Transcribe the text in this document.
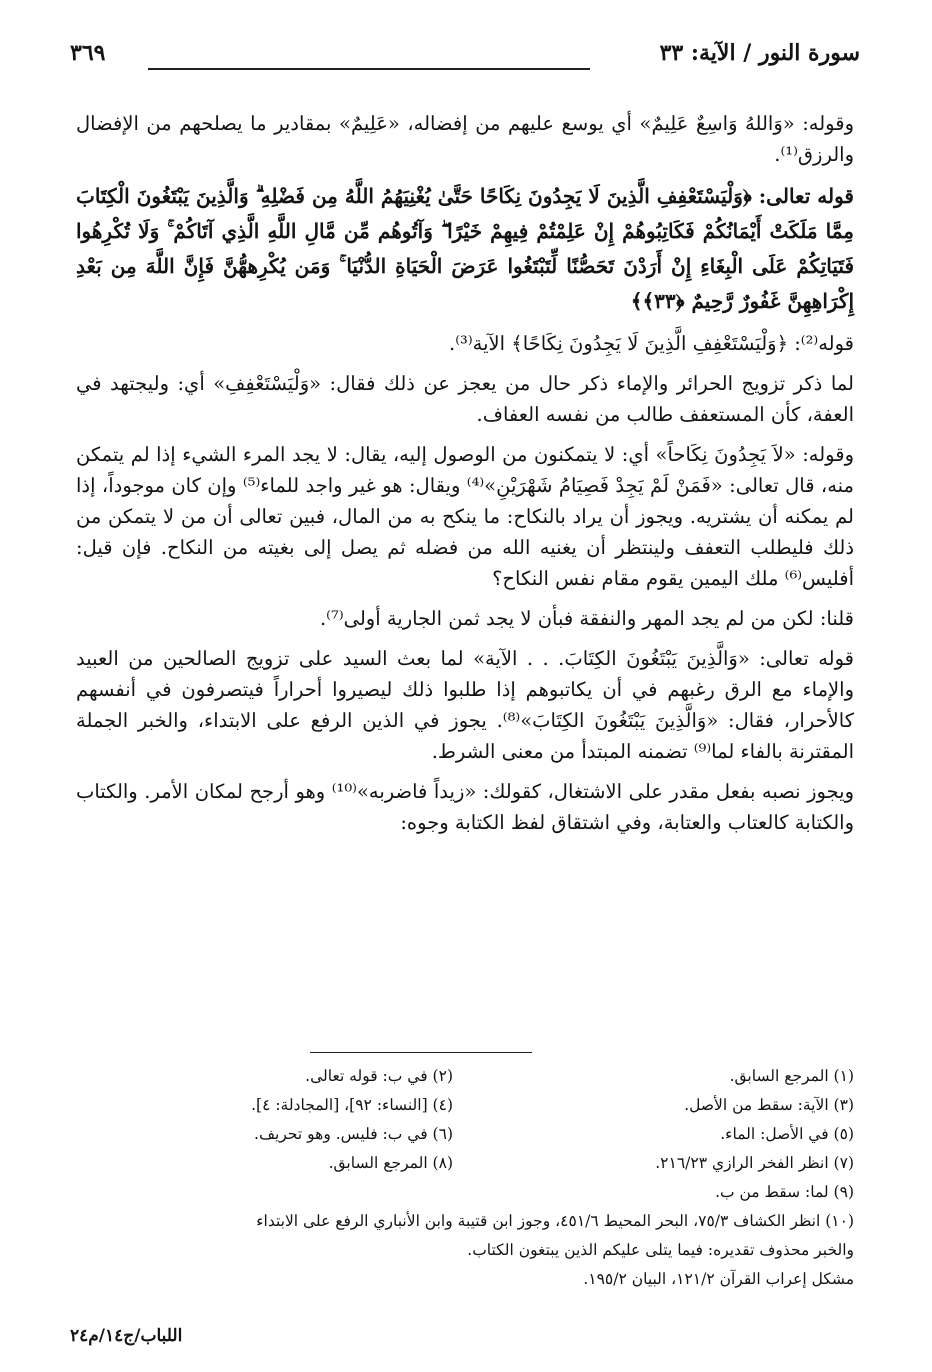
سورة النور / الآية: ٣٣
٣٦٩

وقوله: «وَاللهُ وَاسِعٌ عَلِيمٌ» أي يوسع عليهم من إفضاله، «عَلِيمٌ» بمقادير ما يصلحهم من الإفضال والرزق⁽¹⁾.

قوله تعالى: ﴿وَلْيَسْتَعْفِفِ الَّذِينَ لَا يَجِدُونَ نِكَاحًا حَتَّىٰ يُغْنِيَهُمُ اللَّهُ مِن فَضْلِهِ ۗ وَالَّذِينَ يَبْتَغُونَ الْكِتَابَ مِمَّا مَلَكَتْ أَيْمَانُكُمْ فَكَاتِبُوهُمْ إِنْ عَلِمْتُمْ فِيهِمْ خَيْرًا ۖ وَآتُوهُم مِّن مَّالِ اللَّهِ الَّذِي آتَاكُمْ ۚ وَلَا تُكْرِهُوا فَتَيَاتِكُمْ عَلَى الْبِغَاءِ إِنْ أَرَدْنَ تَحَصُّنًا لِّتَبْتَغُوا عَرَضَ الْحَيَاةِ الدُّنْيَا ۚ وَمَن يُكْرِههُّنَّ فَإِنَّ اللَّهَ مِن بَعْدِ إِكْرَاهِهِنَّ غَفُورٌ رَّحِيمٌ ﴿٣٣﴾﴾

قوله⁽²⁾: ﴿وَلْيَسْتَعْفِفِ الَّذِينَ لَا يَجِدُونَ نِكَاحًا﴾ الآية⁽³⁾.

لما ذكر تزويج الحرائر والإماء ذكر حال من يعجز عن ذلك فقال: «وَلْيَسْتَعْفِفِ» أي: وليجتهد في العفة، كأن المستعفف طالب من نفسه العفاف.

وقوله: «لاَ يَجِدُونَ نِكَاحاً» أي: لا يتمكنون من الوصول إليه، يقال: لا يجد المرء الشيء إذا لم يتمكن منه، قال تعالى: «فَمَنْ لَمْ يَجِدْ فَصِيَامُ شَهْرَيْنِ»⁽⁴⁾ ويقال: هو غير واجد للماء⁽⁵⁾ وإن كان موجوداً، إذا لم يمكنه أن يشتريه. ويجوز أن يراد بالنكاح: ما ينكح به من المال، فبين تعالى أن من لا يتمكن من ذلك فليطلب التعفف ولينتظر أن يغنيه الله من فضله ثم يصل إلى بغيته من النكاح. فإن قيل: أفليس⁽⁶⁾ ملك اليمين يقوم مقام نفس النكاح؟

قلنا: لكن من لم يجد المهر والنفقة فبأن لا يجد ثمن الجارية أولى⁽⁷⁾.

قوله تعالى: «وَالَّذِينَ يَبْتَغُونَ الكِتَابَ. . . الآية» لما بعث السيد على تزويج الصالحين من العبيد والإماء مع الرق رغبهم في أن يكاتبوهم إذا طلبوا ذلك ليصيروا أحراراً فيتصرفون في أنفسهم كالأحرار، فقال: «وَالَّذِينَ يَبْتَغُونَ الكِتَابَ»⁽⁸⁾. يجوز في الذين الرفع على الابتداء، والخبر الجملة المقترنة بالفاء لما⁽⁹⁾ تضمنه المبتدأ من معنى الشرط.

ويجوز نصبه بفعل مقدر على الاشتغال، كقولك: «زيداً فاضربه»⁽¹⁰⁾ وهو أرجح لمكان الأمر. والكتاب والكتابة كالعتاب والعتابة، وفي اشتقاق لفظ الكتابة وجوه:

(١) المرجع السابق.
(٢) في ب: قوله تعالى.
(٣) الآية: سقط من الأصل.
(٤) [النساء: ٩٢]، [المجادلة: ٤].
(٥) في الأصل: الماء.
(٦) في ب: فليس. وهو تحريف.
(٧) انظر الفخر الرازي ٢١٦/٢٣.
(٨) المرجع السابق.
(٩) لما: سقط من ب.
(١٠) انظر الكشاف ٧٥/٣، البحر المحيط ٤٥١/٦، وجوز ابن قتيبة وابن الأنباري الرفع على الابتداء
والخبر محذوف تقديره: فيما يتلى عليكم الذين يبتغون الكتاب.
مشكل إعراب القرآن ١٢١/٢، البيان ١٩٥/٢.
اللباب/ج١٤/م٢٤
